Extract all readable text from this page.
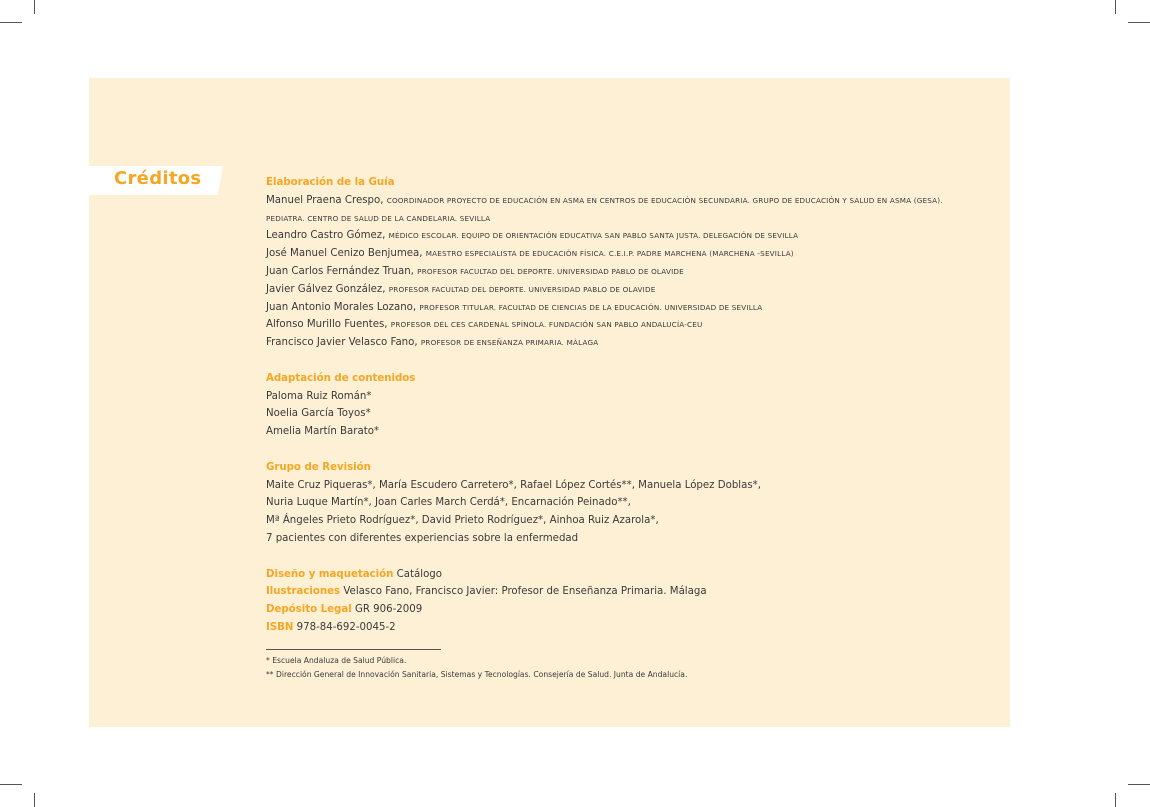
Créditos	Elaboración de la Guía
Manuel Praena Crespo, COORDINADOR PROYECTO DE EDUCACIÓN EN ASMA EN CENTROS DE EDUCACIÓN SECUNDARIA. GRUPO DE EDUCACIÓN Y SALUD EN ASMA (GESA).
PEDIATRA. CENTRO DE SALUD DE LA CANDELARIA. SEVILLA
Leandro Castro Gómez, MÉDICO ESCOLAR. EQUIPO DE ORIENTACIÓN EDUCATIVA SAN PABLO SANTA JUSTA. DELEGACIÓN DE SEVILLA
José Manuel Cenizo Benjumea, MAESTRO ESPECIALISTA DE EDUCACIÓN FÍSICA. C.E.I.P. PADRE MARCHENA (MARCHENA -SEVILLA)
Juan Carlos Fernández Truan, PROFESOR FACULTAD DEL DEPORTE. UNIVERSIDAD PABLO DE OLAVIDE
Javier Gálvez González, PROFESOR FACULTAD DEL DEPORTE. UNIVERSIDAD PABLO DE OLAVIDE
Juan Antonio Morales Lozano, PROFESOR TITULAR. FACULTAD DE CIENCIAS DE LA EDUCACIÓN. UNIVERSIDAD DE SEVILLA
Alfonso Murillo Fuentes, PROFESOR DEL CES CARDENAL SPÍNOLA. FUNDACIÓN SAN PABLO ANDALUCÍA-CEU
Francisco Javier Velasco Fano, PROFESOR DE ENSEÑANZA PRIMARIA. MÁLAGA
Adaptación de contenidos
Paloma Ruiz Román*
Noelia García Toyos*
Amelia Martín Barato*
Grupo de Revisión
Maite Cruz Piqueras*, María Escudero Carretero*, Rafael López Cortés**, Manuela López Doblas*,
Nuria Luque Martín*, Joan Carles March Cerdá*, Encarnación Peinado**,
Mª Ángeles Prieto Rodríguez*, David Prieto Rodríguez*, Ainhoa Ruiz Azarola*,
7 pacientes con diferentes experiencias sobre la enfermedad
Diseño y maquetación Catálogo
Ilustraciones Velasco Fano, Francisco Javier: Profesor de Enseñanza Primaria. Málaga
Depósito Legal GR 906-2009
ISBN 978-84-692-0045-2
* Escuela Andaluza de Salud Pública.
** Dirección General de Innovación Sanitaria, Sistemas y Tecnologías. Consejería de Salud. Junta de Andalucía.
